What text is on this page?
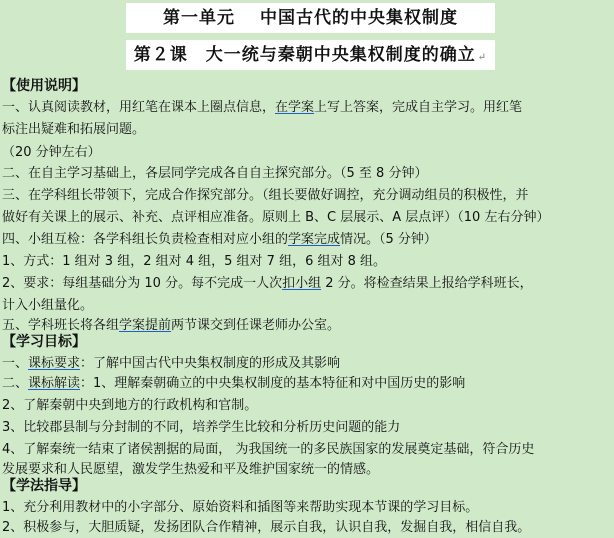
第一单元　 中国古代的中央集权制度
第２课　大一统与秦朝中央集权制度的确立 ↵
【使用说明】
一、认真阅读教材，用红笔在课本上圈点信息，在学案上写上答案，完成自主学习。用红笔
标注出疑难和拓展问题。
（20 分钟左右）
二、在自主学习基础上，各层同学完成各自自主探究部分。（5 至 8 分钟）
三、在学科组长带领下，完成合作探究部分。（组长要做好调控，充分调动组员的积极性，并
做好有关课上的展示、补充、点评相应准备。原则上 B、C 层展示、A 层点评）（10 左右分钟）
四、小组互检：各学科组长负责检查相对应小组的学案完成情况。（5 分钟）
1、方式：1 组对 3 组，2 组对 4 组，5 组对 7 组，6 组对 8 组。
2、要求：每组基础分为 10 分。每不完成一人次扣小组 2 分。将检查结果上报给学科班长，
计入小组量化。
五、学科班长将各组学案提前两节课交到任课老师办公室。
【学习目标】
一、课标要求：了解中国古代中央集权制度的形成及其影响
二、课标解读：1、理解秦朝确立的中央集权制度的基本特征和对中国历史的影响
2、了解秦朝中央到地方的行政机构和官制。
3、比较郡县制与分封制的不同，培养学生比较和分析历史问题的能力
4、了解秦统一结束了诸侯割据的局面， 为我国统一的多民族国家的发展奠定基础，符合历史
发展要求和人民愿望，激发学生热爱和平及维护国家统一的情感。
【学法指导】
1、充分利用教材中的小字部分、原始资料和插图等来帮助实现本节课的学习目标。
2、积极参与，大胆质疑，发扬团队合作精神，展示自我，认识自我，发掘自我，相信自我。
